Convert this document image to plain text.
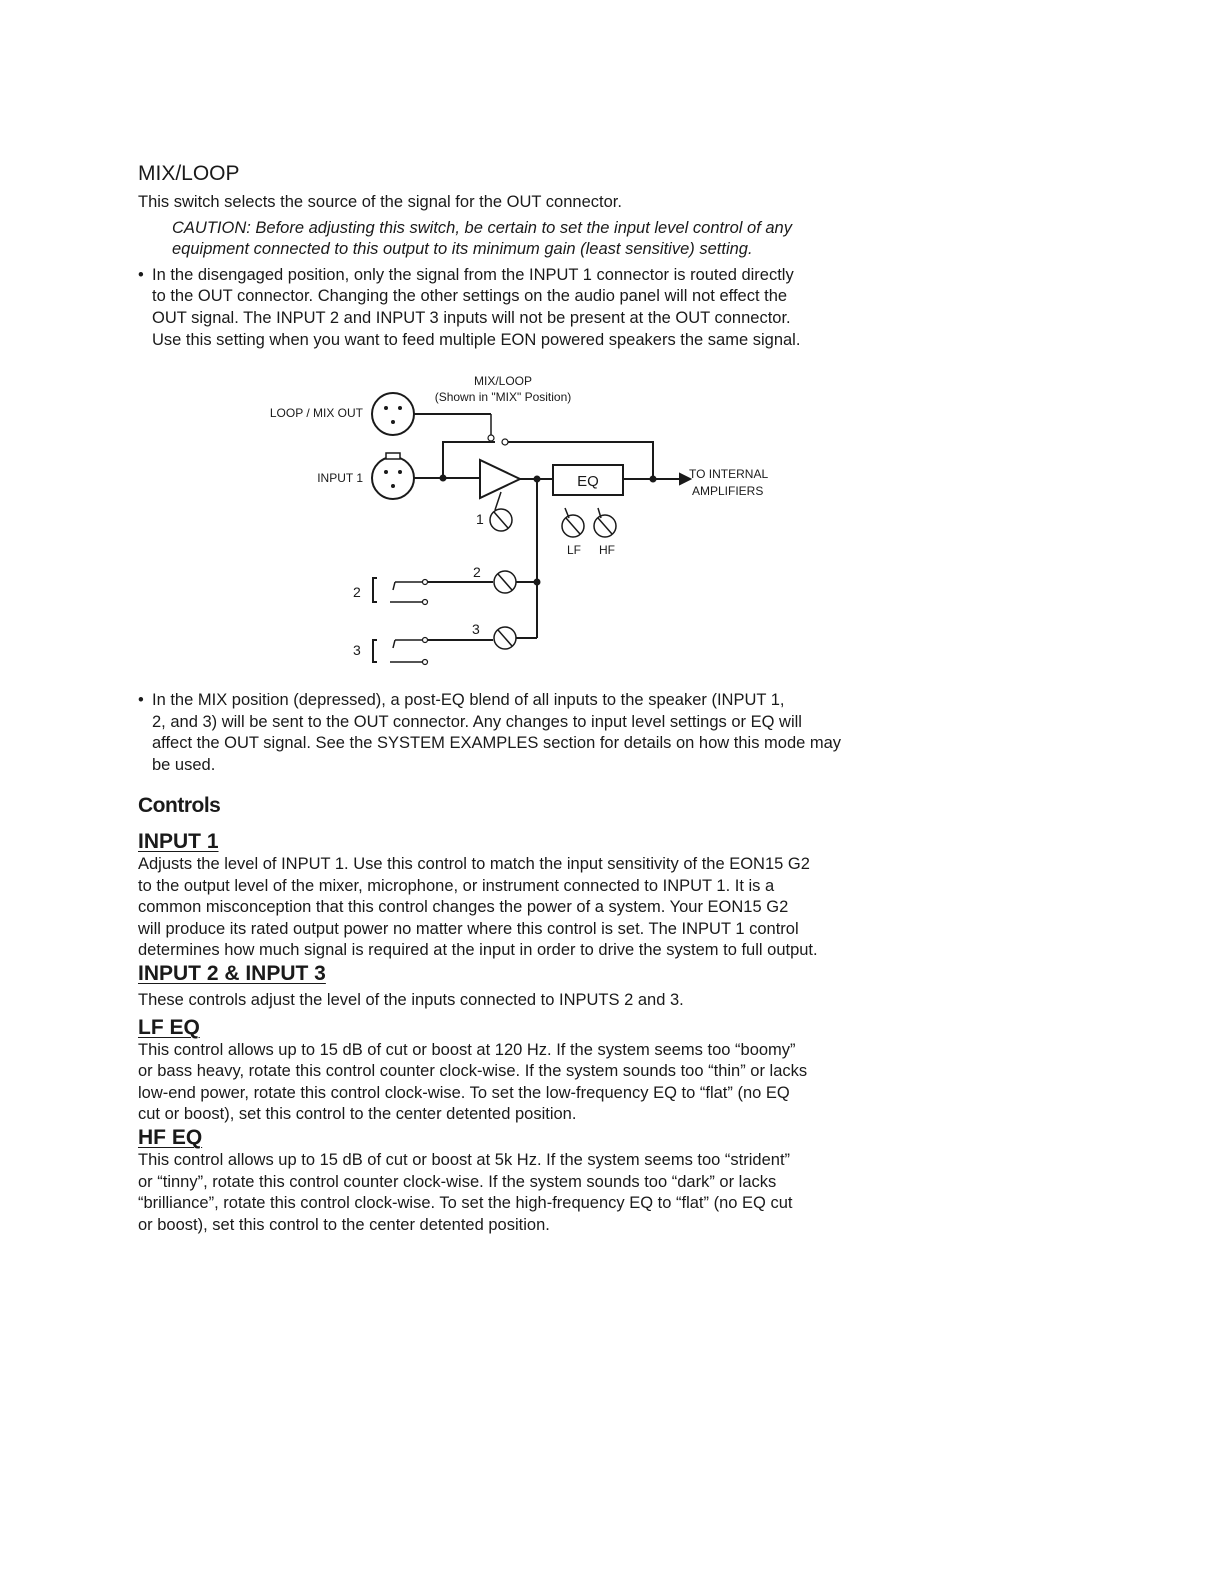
MIX/LOOP

This switch selects the source of the signal for the OUT connector.

CAUTION: Before adjusting this switch, be certain to set the input level control of any
equipment connected to this output to its minimum gain (least sensitive) setting.
• In the disengaged position, only the signal from the INPUT 1 connector is routed directly
to the OUT connector. Changing the other settings on the audio panel will not effect the
OUT signal. The INPUT 2 and INPUT 3 inputs will not be present at the OUT connector.
Use this setting when you want to feed multiple EON powered speakers the same signal.
MIX/LOOP
(Shown in "MIX" Position)
LOOP / MIX OUT
INPUT 1	EQ	TO INTERNAL
AMPLIFIERS
1
2
3
2
3
LF HF
• In the MIX position (depressed), a post-EQ blend of all inputs to the speaker (INPUT 1,
2, and 3) will be sent to the OUT connector. Any changes to input level settings or EQ will
affect the OUT signal. See the SYSTEM EXAMPLES section for details on how this mode may
be used.
Controls
INPUT 1
Adjusts the level of INPUT 1. Use this control to match the input sensitivity of the EON15 G2
to the output level of the mixer, microphone, or instrument connected to INPUT 1. It is a
common misconception that this control changes the power of a system. Your EON15 G2
will produce its rated output power no matter where this control is set. The INPUT 1 control
determines how much signal is required at the input in order to drive the system to full output.
INPUT 2 & INPUT 3
These controls adjust the level of the inputs connected to INPUTS 2 and 3.
LF EQ
This control allows up to 15 dB of cut or boost at 120 Hz. If the system seems too “boomy”
or bass heavy, rotate this control counter clock-wise. If the system sounds too “thin” or lacks
low-end power, rotate this control clock-wise. To set the low-frequency EQ to “flat” (no EQ
cut or boost), set this control to the center detented position.
HF EQ
This control allows up to 15 dB of cut or boost at 5k Hz. If the system seems too “strident”
or “tinny”, rotate this control counter clock-wise. If the system sounds too “dark” or lacks
“brilliance”, rotate this control clock-wise. To set the high-frequency EQ to “flat” (no EQ cut
or boost), set this control to the center detented position.
